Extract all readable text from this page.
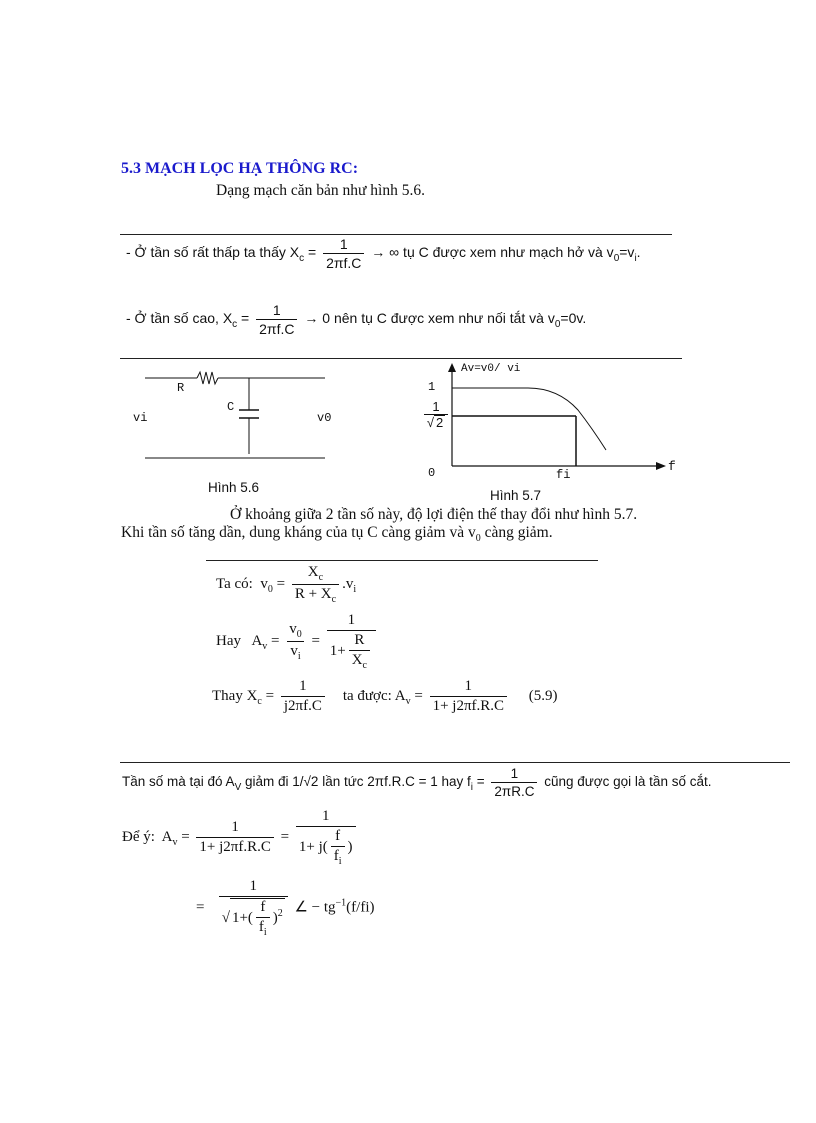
5.3 MẠCH LỌC HẠ THÔNG RC:
Dạng mạch căn bản như hình 5.6.
- Ở tần số rất thấp ta thấy $X_c = \frac{1}{2\pi f.C}$ → ∞ tụ C được xem như mạch hở và $v_0=v_i$.
- Ở tần số cao, $X_c = \frac{1}{2\pi f.C} \to 0$ nên tụ C được xem như nối tắt và $v_0=0v$.
R
C
vi	v0
Hình 5.6
Av=v0/ vi
1
1
√ 2
0	f
fi
Hình 5.7
Ở khoảng giữa 2 tần số này, độ lợi điện thế thay đổi như hình 5.7.
Khi tần số tăng dần, dung kháng của tụ C càng giảm và $v_0$ càng giảm.
Ta có: $v_0 = \frac{X_c}{R + X_c} .v_i$
Hay $A_v = \frac{v_0}{v_i} = \frac{1}{1+ \frac{R}{X_c}}$
Thay $X_c = \frac{1}{j2\pi f.C}$ ta được: $A_v = \frac{1}{1+ j2\pi f.R.C} (5.9)$
Tần số mà tại đó $A_V$ giảm đi 1/√2 lần tức 2πf.R.C = 1 hay $f_i = \frac{1}{2\pi R.C}$ cũng được gọi là tần số cắt.
Để ý: $A_v = \frac{1}{1+ j2\pi f.R.C} = \frac{1}{1+ j( \frac{f}{f_i} )}$
= $\frac{1}{√ 1+( \frac{f}{f_i} )^2}$ ∠ − $tg^{-1}(f/fi)$
